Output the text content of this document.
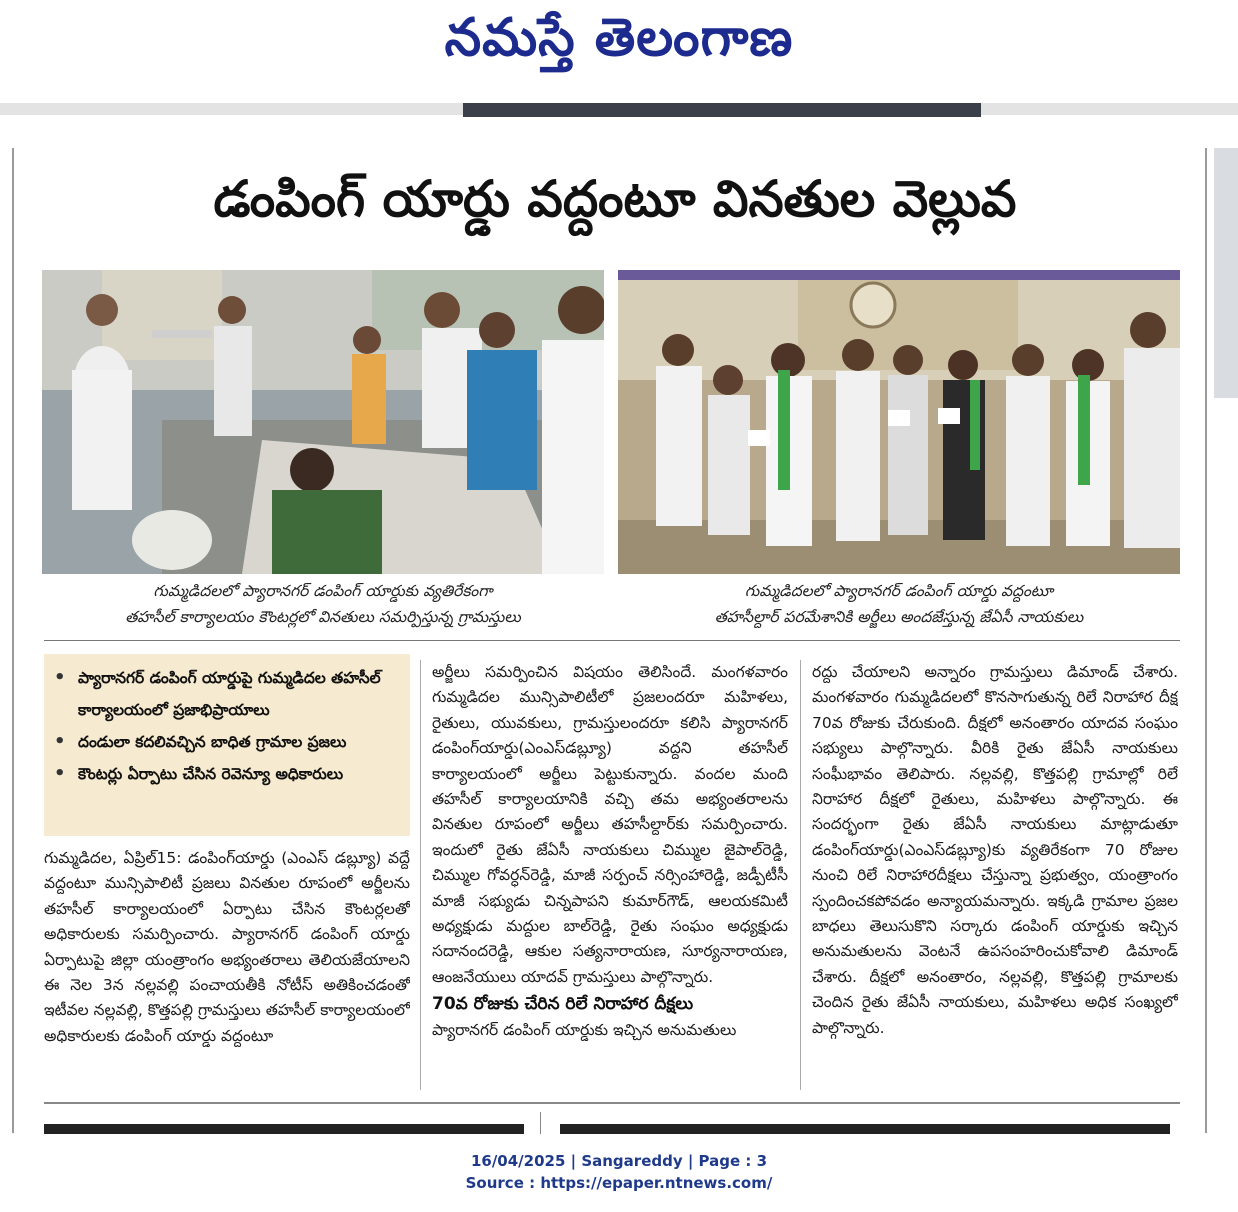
నమస్తే తెలంగాణ
డంపింగ్ యార్డు వద్దంటూ వినతుల వెల్లువ
గుమ్మడిదలలో ప్యారానగర్ డంపింగ్ యార్డుకు వ్యతిరేకంగా
తహసీల్ కార్యాలయం కౌంటర్లలో వినతులు సమర్పిస్తున్న గ్రామస్తులు
గుమ్మడిదలలో ప్యారానగర్ డంపింగ్ యార్డు వద్దంటూ
తహసీల్దార్ పరమేశానికి అర్జీలు అందజేస్తున్న జేఏసీ నాయకులు
• ప్యారానగర్ డంపింగ్ యార్డుపై గుమ్మడిదల తహసీల్ కార్యాలయంలో ప్రజాభిప్రాయాలు
• దండులా కదలివచ్చిన బాధిత గ్రామాల ప్రజలు
• కౌంటర్లు ఏర్పాటు చేసిన రెవెన్యూ అధికారులు

గుమ్మడిదల, ఏప్రిల్15: డంపింగ్‌యార్డు (ఎంఎస్ డబ్ల్యూ) వద్దే వద్దంటూ మున్సిపాలిటీ ప్రజలు వినతుల రూపంలో అర్జీలను తహసీల్ కార్యాలయంలో ఏర్పాటు చేసిన కౌంటర్లలతో అధికారులకు సమర్పించారు. ప్యారానగర్ డంపింగ్ యార్డు ఏర్పాటుపై జిల్లా యంత్రాంగం అభ్యంతరాలు తెలియజేయాలని ఈ నెల 3న నల్లవల్లి పంచాయతీకి నోటీస్ అతికించడంతో ఇటీవల నల్లవల్లి, కొత్తపల్లి గ్రామస్తులు తహసీల్ కార్యాలయంలో అధికారులకు డంపింగ్ యార్డు వద్దంటూ

అర్జీలు సమర్పించిన విషయం తెలిసిందే. మంగళవారం గుమ్మడిదల మున్సిపాలిటీలో ప్రజలందరూ మహిళలు, రైతులు, యువకులు, గ్రామస్తులందరూ కలిసి ప్యారానగర్ డంపింగ్‌యార్డు(ఎంఎస్‌డబ్ల్యూ) వద్దని తహసీల్ కార్యాలయంలో అర్జీలు పెట్టుకున్నారు. వందల మంది తహసీల్ కార్యాలయానికి వచ్చి తమ అభ్యంతరాలను వినతుల రూపంలో అర్జీలు తహసీల్దార్‌కు సమర్పించారు. ఇందులో రైతు జేఏసీ నాయకులు చిమ్ముల జైపాల్‌రెడ్డి, చిమ్ముల గోవర్ధన్‌రెడ్డి, మాజీ సర్పంచ్ నర్సింహారెడ్డి, జడ్పీటీసీ మాజీ సభ్యుడు చిన్నపాపని కుమార్‌గౌడ్, ఆలయకమిటీ అధ్యక్షుడు మద్దుల బాల్‌రెడ్డి, రైతు సంఘం అధ్యక్షుడు సదానందరెడ్డి, ఆకుల సత్యనారాయణ, సూర్యనారాయణ, ఆంజనేయులు యాదవ్ గ్రామస్తులు పాల్గొన్నారు.

70వ రోజుకు చేరిన రిలే నిరాహార దీక్షలు

ప్యారానగర్ డంపింగ్ యార్డుకు ఇచ్చిన అనుమతులు

రద్దు చేయాలని అన్నారం గ్రామస్తులు డిమాండ్ చేశారు. మంగళవారం గుమ్మడిదలలో కొనసాగుతున్న రిలే నిరాహార దీక్ష 70వ రోజుకు చేరుకుంది. దీక్షలో అనంతారం యాదవ సంఘం సభ్యులు పాల్గొన్నారు. వీరికి రైతు జేఏసీ నాయకులు సంఘీభావం తెలిపారు. నల్లవల్లి, కొత్తపల్లి గ్రామాల్లో రిలే నిరాహార దీక్షలో రైతులు, మహిళలు పాల్గొన్నారు. ఈ సందర్భంగా రైతు జేఏసీ నాయకులు మాట్లాడుతూ డంపింగ్‌యార్డు(ఎంఎస్‌డబ్ల్యూ)కు వ్యతిరేకంగా 70 రోజుల నుంచి రిలే నిరాహారదీక్షలు చేస్తున్నా ప్రభుత్వం, యంత్రాంగం స్పందించకపోవడం అన్యాయమన్నారు. ఇక్కడి గ్రామాల ప్రజల బాధలు తెలుసుకొని సర్కారు డంపింగ్ యార్డుకు ఇచ్చిన అనుమతులను వెంటనే ఉపసంహరించుకోవాలి డిమాండ్ చేశారు. దీక్షలో అనంతారం, నల్లవల్లి, కొత్తపల్లి గ్రామాలకు చెందిన రైతు జేఏసీ నాయకులు, మహిళలు అధిక సంఖ్యలో పాల్గొన్నారు.

16/04/2025 | Sangareddy | Page : 3
Source : https://epaper.ntnews.com/
